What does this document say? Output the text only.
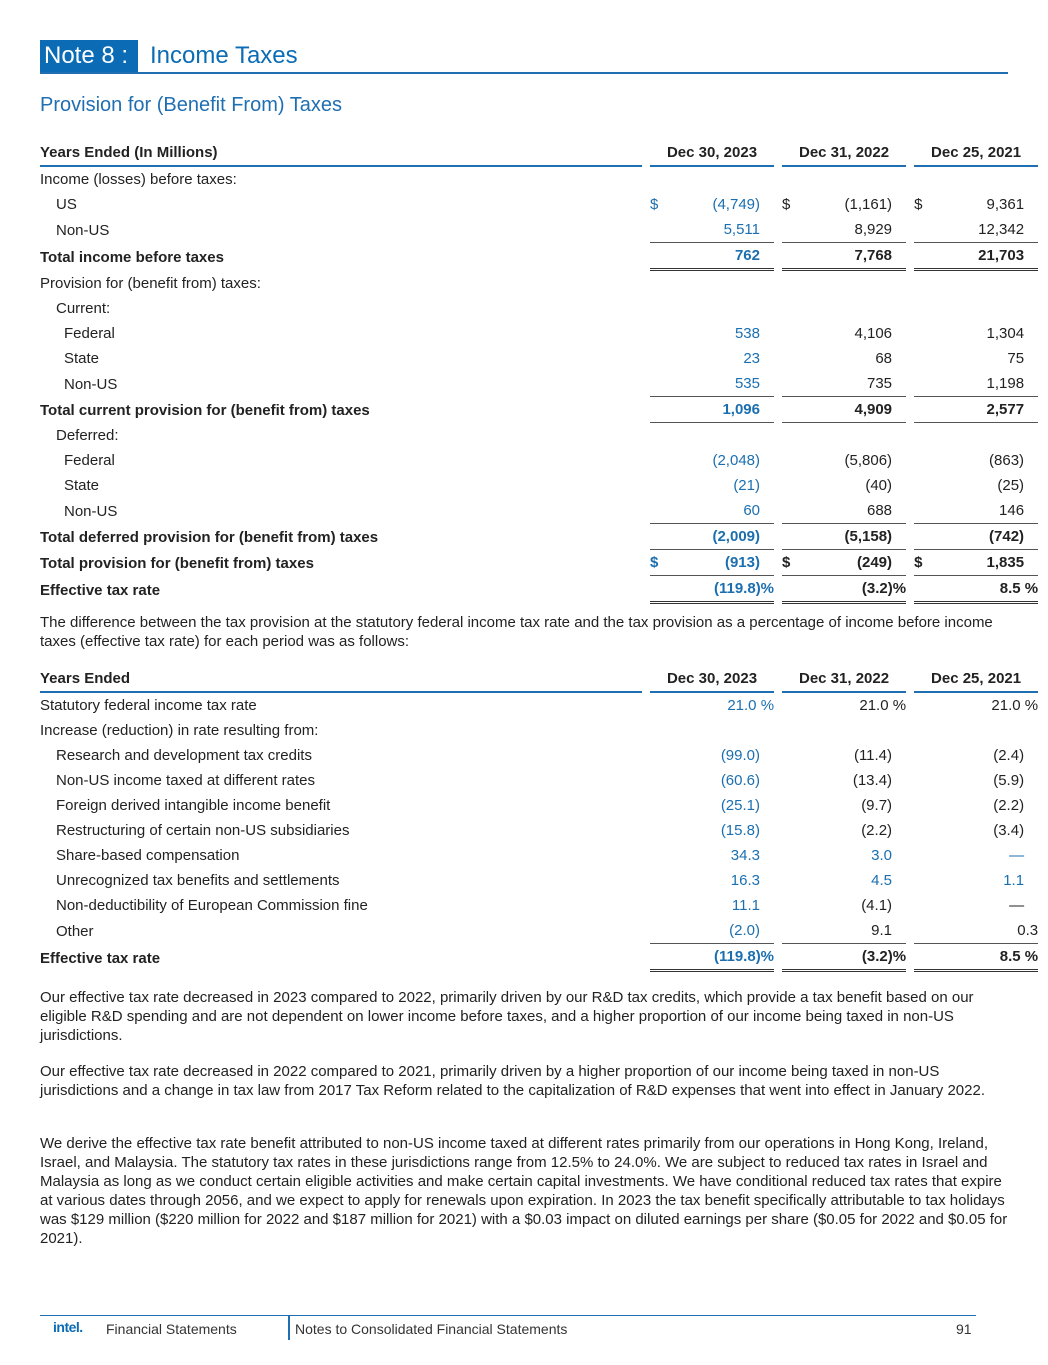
Note 8 : Income Taxes
Provision for (Benefit From) Taxes
Years Ended (In Millions)		Dec 30, 2023				Dec 31, 2022				Dec 25, 2021		
Income (losses) before taxes:												
US		$	(4,749)			$	(1,161)			$	9,361	
Non-US			5,511				8,929				12,342	
Total income before taxes			762				7,768				21,703	
Provision for (benefit from) taxes:												
Current:												
Federal			538				4,106				1,304	
State			23				68				75	
Non-US			535				735				1,198	
Total current provision for (benefit from) taxes			1,096				4,909				2,577	
Deferred:												
Federal			(2,048)				(5,806)				(863)	
State			(21)				(40)				(25)	
Non-US			60				688				146	
Total deferred provision for (benefit from) taxes			(2,009)				(5,158)				(742)	
Total provision for (benefit from) taxes		$	(913)			$	(249)			$	1,835	
Effective tax rate			(119.8)%				(3.2)%				8.5 %	
The difference between the tax provision at the statutory federal income tax rate and the tax provision as a percentage of income before income taxes (effective tax rate) for each period was as follows:
Years Ended		Dec 30, 2023				Dec 31, 2022				Dec 25, 2021		
Statutory federal income tax rate			21.0 %				21.0 %				21.0 %	
Increase (reduction) in rate resulting from:												
Research and development tax credits			(99.0)				(11.4)				(2.4)	
Non-US income taxed at different rates			(60.6)				(13.4)				(5.9)	
Foreign derived intangible income benefit			(25.1)				(9.7)				(2.2)	
Restructuring of certain non-US subsidiaries			(15.8)				(2.2)				(3.4)	
Share-based compensation			34.3				3.0				—	
Unrecognized tax benefits and settlements			16.3				4.5				1.1	
Non-deductibility of European Commission fine			11.1				(4.1)				—	
Other			(2.0)				9.1				0.3	
Effective tax rate			(119.8)%				(3.2)%				8.5 %	
Our effective tax rate decreased in 2023 compared to 2022, primarily driven by our R&D tax credits, which provide a tax benefit based on our eligible R&D spending and are not dependent on lower income before taxes, and a higher proportion of our income being taxed in non-US jurisdictions.
Our effective tax rate decreased in 2022 compared to 2021, primarily driven by a higher proportion of our income being taxed in non-US jurisdictions and a change in tax law from 2017 Tax Reform related to the capitalization of R&D expenses that went into effect in January 2022.
We derive the effective tax rate benefit attributed to non-US income taxed at different rates primarily from our operations in Hong Kong, Ireland, Israel, and Malaysia. The statutory tax rates in these jurisdictions range from 12.5% to 24.0%. We are subject to reduced tax rates in Israel and Malaysia as long as we conduct certain eligible activities and make certain capital investments. We have conditional reduced tax rates that expire at various dates through 2056, and we expect to apply for renewals upon expiration. In 2023 the tax benefit specifically attributable to tax holidays was $129 million ($220 million for 2022 and $187 million for 2021) with a $0.03 impact on diluted earnings per share ($0.05 for 2022 and $0.05 for 2021).
intel. Financial Statements	Notes to Consolidated Financial Statements	91
